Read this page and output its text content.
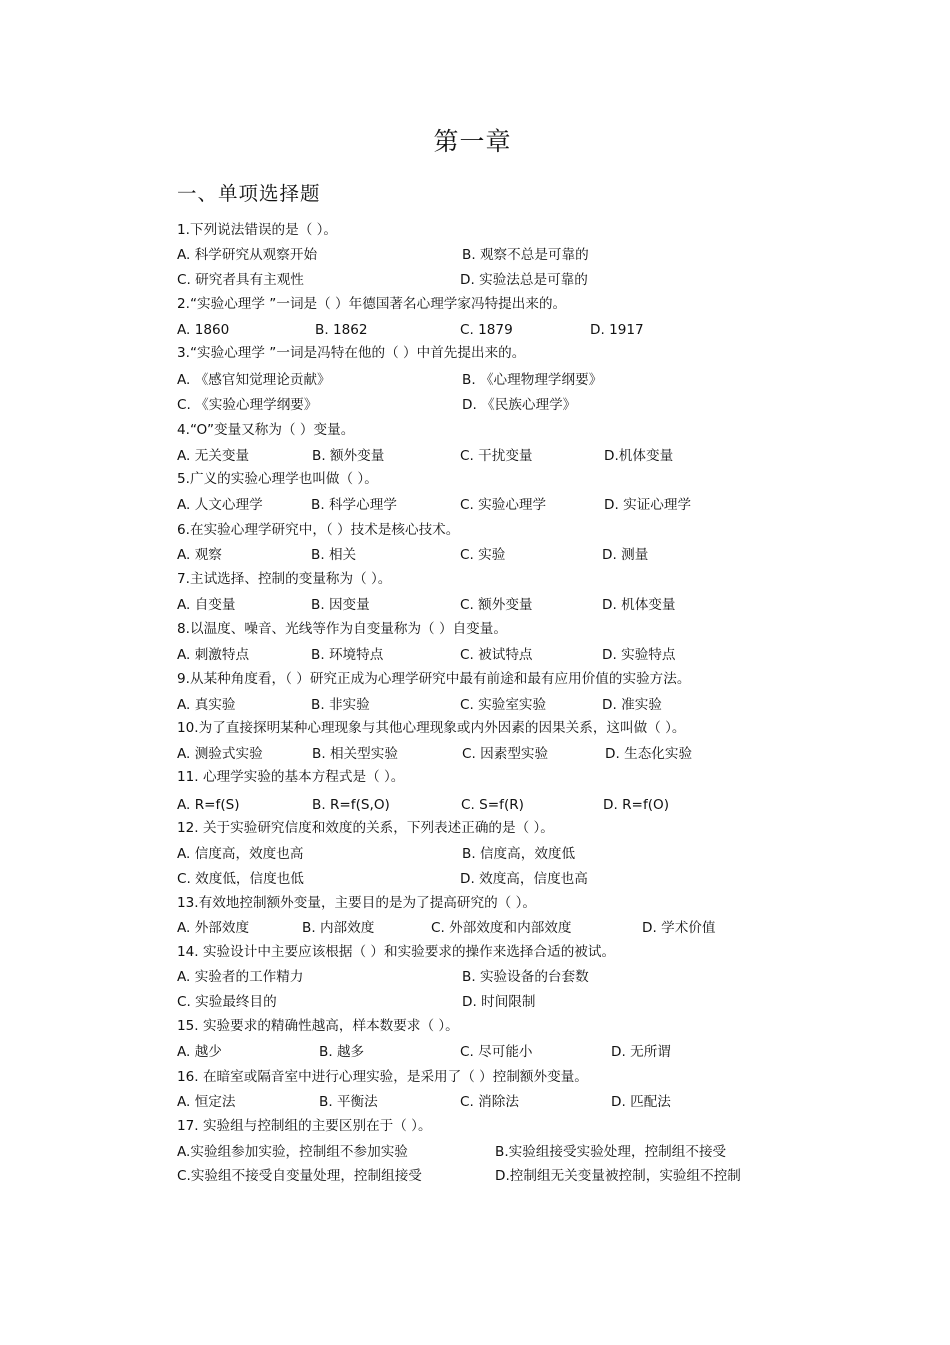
第一章
一、单项选择题
1.下列说法错误的是（ ）。
A. 科学研究从观察开始	B. 观察不总是可靠的
C. 研究者具有主观性	D. 实验法总是可靠的
2.“实验心理学 ”一词是（ ）年德国著名心理学家冯特提出来的。
A. 1860	B. 1862	C. 1879	D. 1917
3.“实验心理学 ”一词是冯特在他的（ ）中首先提出来的。
A. 《感官知觉理论贡献》	B. 《心理物理学纲要》
C. 《实验心理学纲要》	D. 《民族心理学》
4.“O”变量又称为（ ）变量。
A. 无关变量	B. 额外变量	C. 干扰变量	D.机体变量
5.广义的实验心理学也叫做（ ）。
A. 人文心理学	B. 科学心理学	C. 实验心理学	D. 实证心理学
6.在实验心理学研究中，（ ）技术是核心技术。
A. 观察	B. 相关	C. 实验	D. 测量
7.主试选择、控制的变量称为（ ）。
A. 自变量	B. 因变量	C. 额外变量	D. 机体变量
8.以温度、噪音、光线等作为自变量称为（ ）自变量。
A. 刺激特点	B. 环境特点	C. 被试特点	D. 实验特点
9.从某种角度看，（ ）研究正成为心理学研究中最有前途和最有应用价值的实验方法。
A. 真实验	B. 非实验	C. 实验室实验	D. 准实验
10.为了直接探明某种心理现象与其他心理现象或内外因素的因果关系，这叫做（ ）。
A. 测验式实验	B. 相关型实验	C. 因素型实验	D. 生态化实验
11. 心理学实验的基本方程式是（ ）。
A. R=f(S)	B. R=f(S,O)	C. S=f(R)	D. R=f(O)
12. 关于实验研究信度和效度的关系，下列表述正确的是（ ）。
A. 信度高，效度也高	B. 信度高，效度低
C. 效度低，信度也低	D. 效度高，信度也高
13.有效地控制额外变量，主要目的是为了提高研究的（ ）。
A. 外部效度	B. 内部效度	C. 外部效度和内部效度	D. 学术价值
14. 实验设计中主要应该根据（ ）和实验要求的操作来选择合适的被试。
A. 实验者的工作精力	B. 实验设备的台套数
C. 实验最终目的	D. 时间限制
15. 实验要求的精确性越高，样本数要求（ ）。
A. 越少	B. 越多	C. 尽可能小	D. 无所谓
16. 在暗室或隔音室中进行心理实验，是采用了（ ）控制额外变量。
A. 恒定法	B. 平衡法	C. 消除法	D. 匹配法
17. 实验组与控制组的主要区别在于（ ）。
A.实验组参加实验，控制组不参加实验	B.实验组接受实验处理，控制组不接受
C.实验组不接受自变量处理，控制组接受	D.控制组无关变量被控制，实验组不控制
